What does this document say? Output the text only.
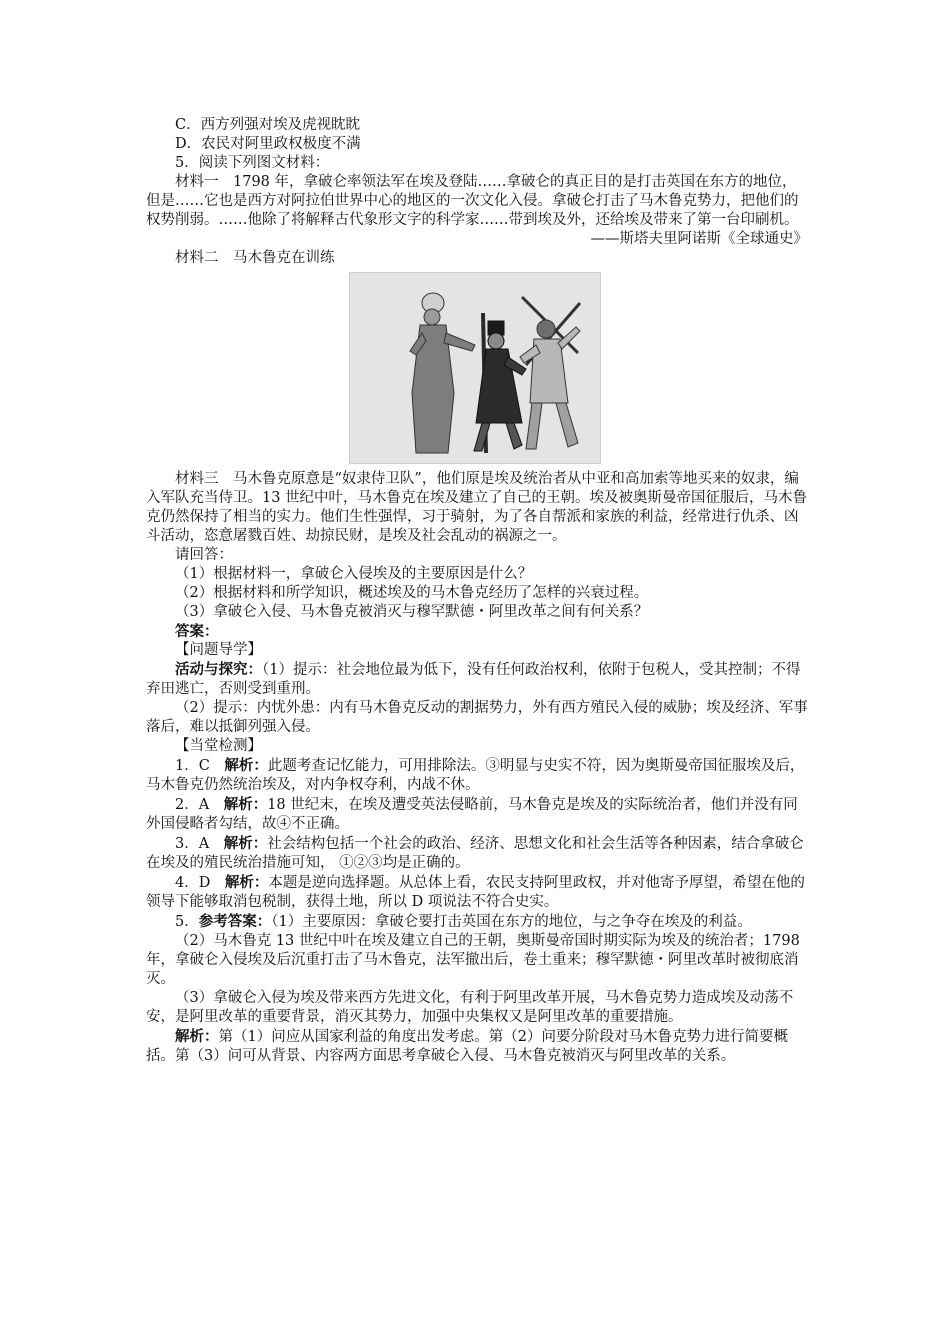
C．西方列强对埃及虎视眈眈

D．农民对阿里政权极度不满

5．阅读下列图文材料：

材料一　1798 年，拿破仑率领法军在埃及登陆……拿破仑的真正目的是打击英国在东方的地位，但是……它也是西方对阿拉伯世界中心的地区的一次文化入侵。拿破仑打击了马木鲁克势力，把他们的权势削弱。……他除了将解释古代象形文字的科学家……带到埃及外，还给埃及带来了第一台印刷机。

——斯塔夫里阿诺斯《全球通史》

材料二　马木鲁克在训练

材料三　马木鲁克原意是“奴隶侍卫队”，他们原是埃及统治者从中亚和高加索等地买来的奴隶，编入军队充当侍卫。13 世纪中叶，马木鲁克在埃及建立了自己的王朝。埃及被奥斯曼帝国征服后，马木鲁克仍然保持了相当的实力。他们生性强悍，习于骑射，为了各自帮派和家族的利益，经常进行仇杀、凶斗活动，恣意屠戮百姓、劫掠民财，是埃及社会乱动的祸源之一。

请回答：

（1）根据材料一，拿破仑入侵埃及的主要原因是什么？

（2）根据材料和所学知识，概述埃及的马木鲁克经历了怎样的兴衰过程。

（3）拿破仑入侵、马木鲁克被消灭与穆罕默德・阿里改革之间有何关系？

答案：

【问题导学】

活动与探究：（1）提示：社会地位最为低下，没有任何政治权利，依附于包税人，受其控制；不得弃田逃亡，否则受到重刑。

（2）提示：内忧外患：内有马木鲁克反动的割据势力，外有西方殖民入侵的威胁；埃及经济、军事落后，难以抵御列强入侵。

【当堂检测】

1．C　解析：此题考查记忆能力，可用排除法。③明显与史实不符，因为奥斯曼帝国征服埃及后，马木鲁克仍然统治埃及，对内争权夺利，内战不休。

2．A　解析：18 世纪末，在埃及遭受英法侵略前，马木鲁克是埃及的实际统治者，他们并没有同外国侵略者勾结，故④不正确。

3．A　解析：社会结构包括一个社会的政治、经济、思想文化和社会生活等各种因素，结合拿破仑在埃及的殖民统治措施可知， ①②③均是正确的。

4．D　解析：本题是逆向选择题。从总体上看，农民支持阿里政权，并对他寄予厚望，希望在他的领导下能够取消包税制，获得土地，所以 D 项说法不符合史实。

5．参考答案：（1）主要原因：拿破仑要打击英国在东方的地位，与之争夺在埃及的利益。

（2）马木鲁克 13 世纪中叶在埃及建立自己的王朝，奥斯曼帝国时期实际为埃及的统治者；1798 年，拿破仑入侵埃及后沉重打击了马木鲁克，法军撤出后，卷土重来；穆罕默德・阿里改革时被彻底消灭。

（3）拿破仑入侵为埃及带来西方先进文化，有利于阿里改革开展，马木鲁克势力造成埃及动荡不安，是阿里改革的重要背景，消灭其势力，加强中央集权又是阿里改革的重要措施。

解析：第（1）问应从国家利益的角度出发考虑。第（2）问要分阶段对马木鲁克势力进行简要概括。第（3）问可从背景、内容两方面思考拿破仑入侵、马木鲁克被消灭与阿里改革的关系。
